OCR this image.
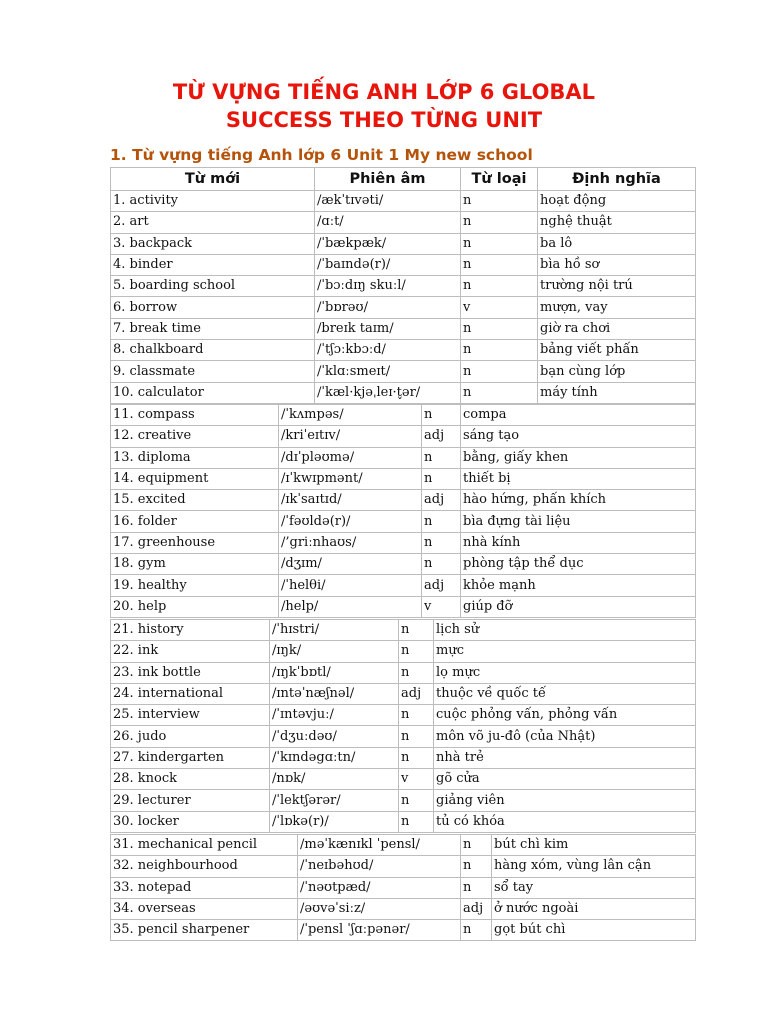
TỪ VỰNG TIẾNG ANH LỚP 6 GLOBAL
SUCCESS THEO TỪNG UNIT
1. Từ vựng tiếng Anh lớp 6 Unit 1 My new school
Từ mới	Phiên âm	Từ loại	Định nghĩa
1. activity	/ækˈtɪvəti/	n	hoạt động
2. art	/ɑːt/	n	nghệ thuật
3. backpack	/ˈbækpæk/	n	ba lô
4. binder	/ˈbaɪndə(r)/	n	bìa hồ sơ
5. boarding school	/ˈbɔːdɪŋ skuːl/	n	trường nội trú
6. borrow	/ˈbɒrəʊ/	v	mượn, vay
7. break time	/breɪk taɪm/	n	giờ ra chơi
8. chalkboard	/ˈtʃɔːkbɔːd/	n	bảng viết phấn
9. classmate	/ˈklɑːsmeɪt/	n	bạn cùng lớp
10. calculator	/ˈkæl·kjəˌleɪ·t̬ər/	n	máy tính
11. compass	/ˈkʌmpəs/	n	compa
12. creative	/kriˈeɪtɪv/	adj	sáng tạo
13. diploma	/dɪˈpləʊmə/	n	bằng, giấy khen
14. equipment	/ɪˈkwɪpmənt/	n	thiết bị
15. excited	/ɪkˈsaɪtɪd/	adj	hào hứng, phấn khích
16. folder	/ˈfəʊldə(r)/	n	bìa đựng tài liệu
17. greenhouse	/’griːnhaʊs/	n	nhà kính
18. gym	/dʒɪm/	n	phòng tập thể dục
19. healthy	/ˈhelθi/	adj	khỏe mạnh
20. help	/help/	v	giúp đỡ
21. history	/ˈhɪstri/	n	lịch sử
22. ink	/ɪŋk/	n	mực
23. ink bottle	/ɪŋkˈbɒtl/	n	lọ mực
24. international	/ɪntəˈnæʃnəl/	adj	thuộc về quốc tế
25. interview	/ˈɪntəvjuː/	n	cuộc phỏng vấn, phỏng vấn
26. judo	/ˈdʒuːdəʊ/	n	môn võ ju-đô (của Nhật)
27. kindergarten	/ˈkɪndəgɑːtn/	n	nhà trẻ
28. knock	/nɒk/	v	gõ cửa
29. lecturer	/ˈlektʃərər/	n	giảng viên
30. locker	/ˈlɒkə(r)/	n	tủ có khóa
31. mechanical pencil	/məˈkænɪkl ˈpensl/	n	bút chì kim
32. neighbourhood	/ˈneɪbəhʊd/	n	hàng xóm, vùng lân cận
33. notepad	/ˈnəʊtpæd/	n	sổ tay
34. overseas	/əʊvəˈsiːz/	adj	ở nước ngoài
35. pencil sharpener	/ˈpensl ˈʃɑːpənər/	n	gọt bút chì
